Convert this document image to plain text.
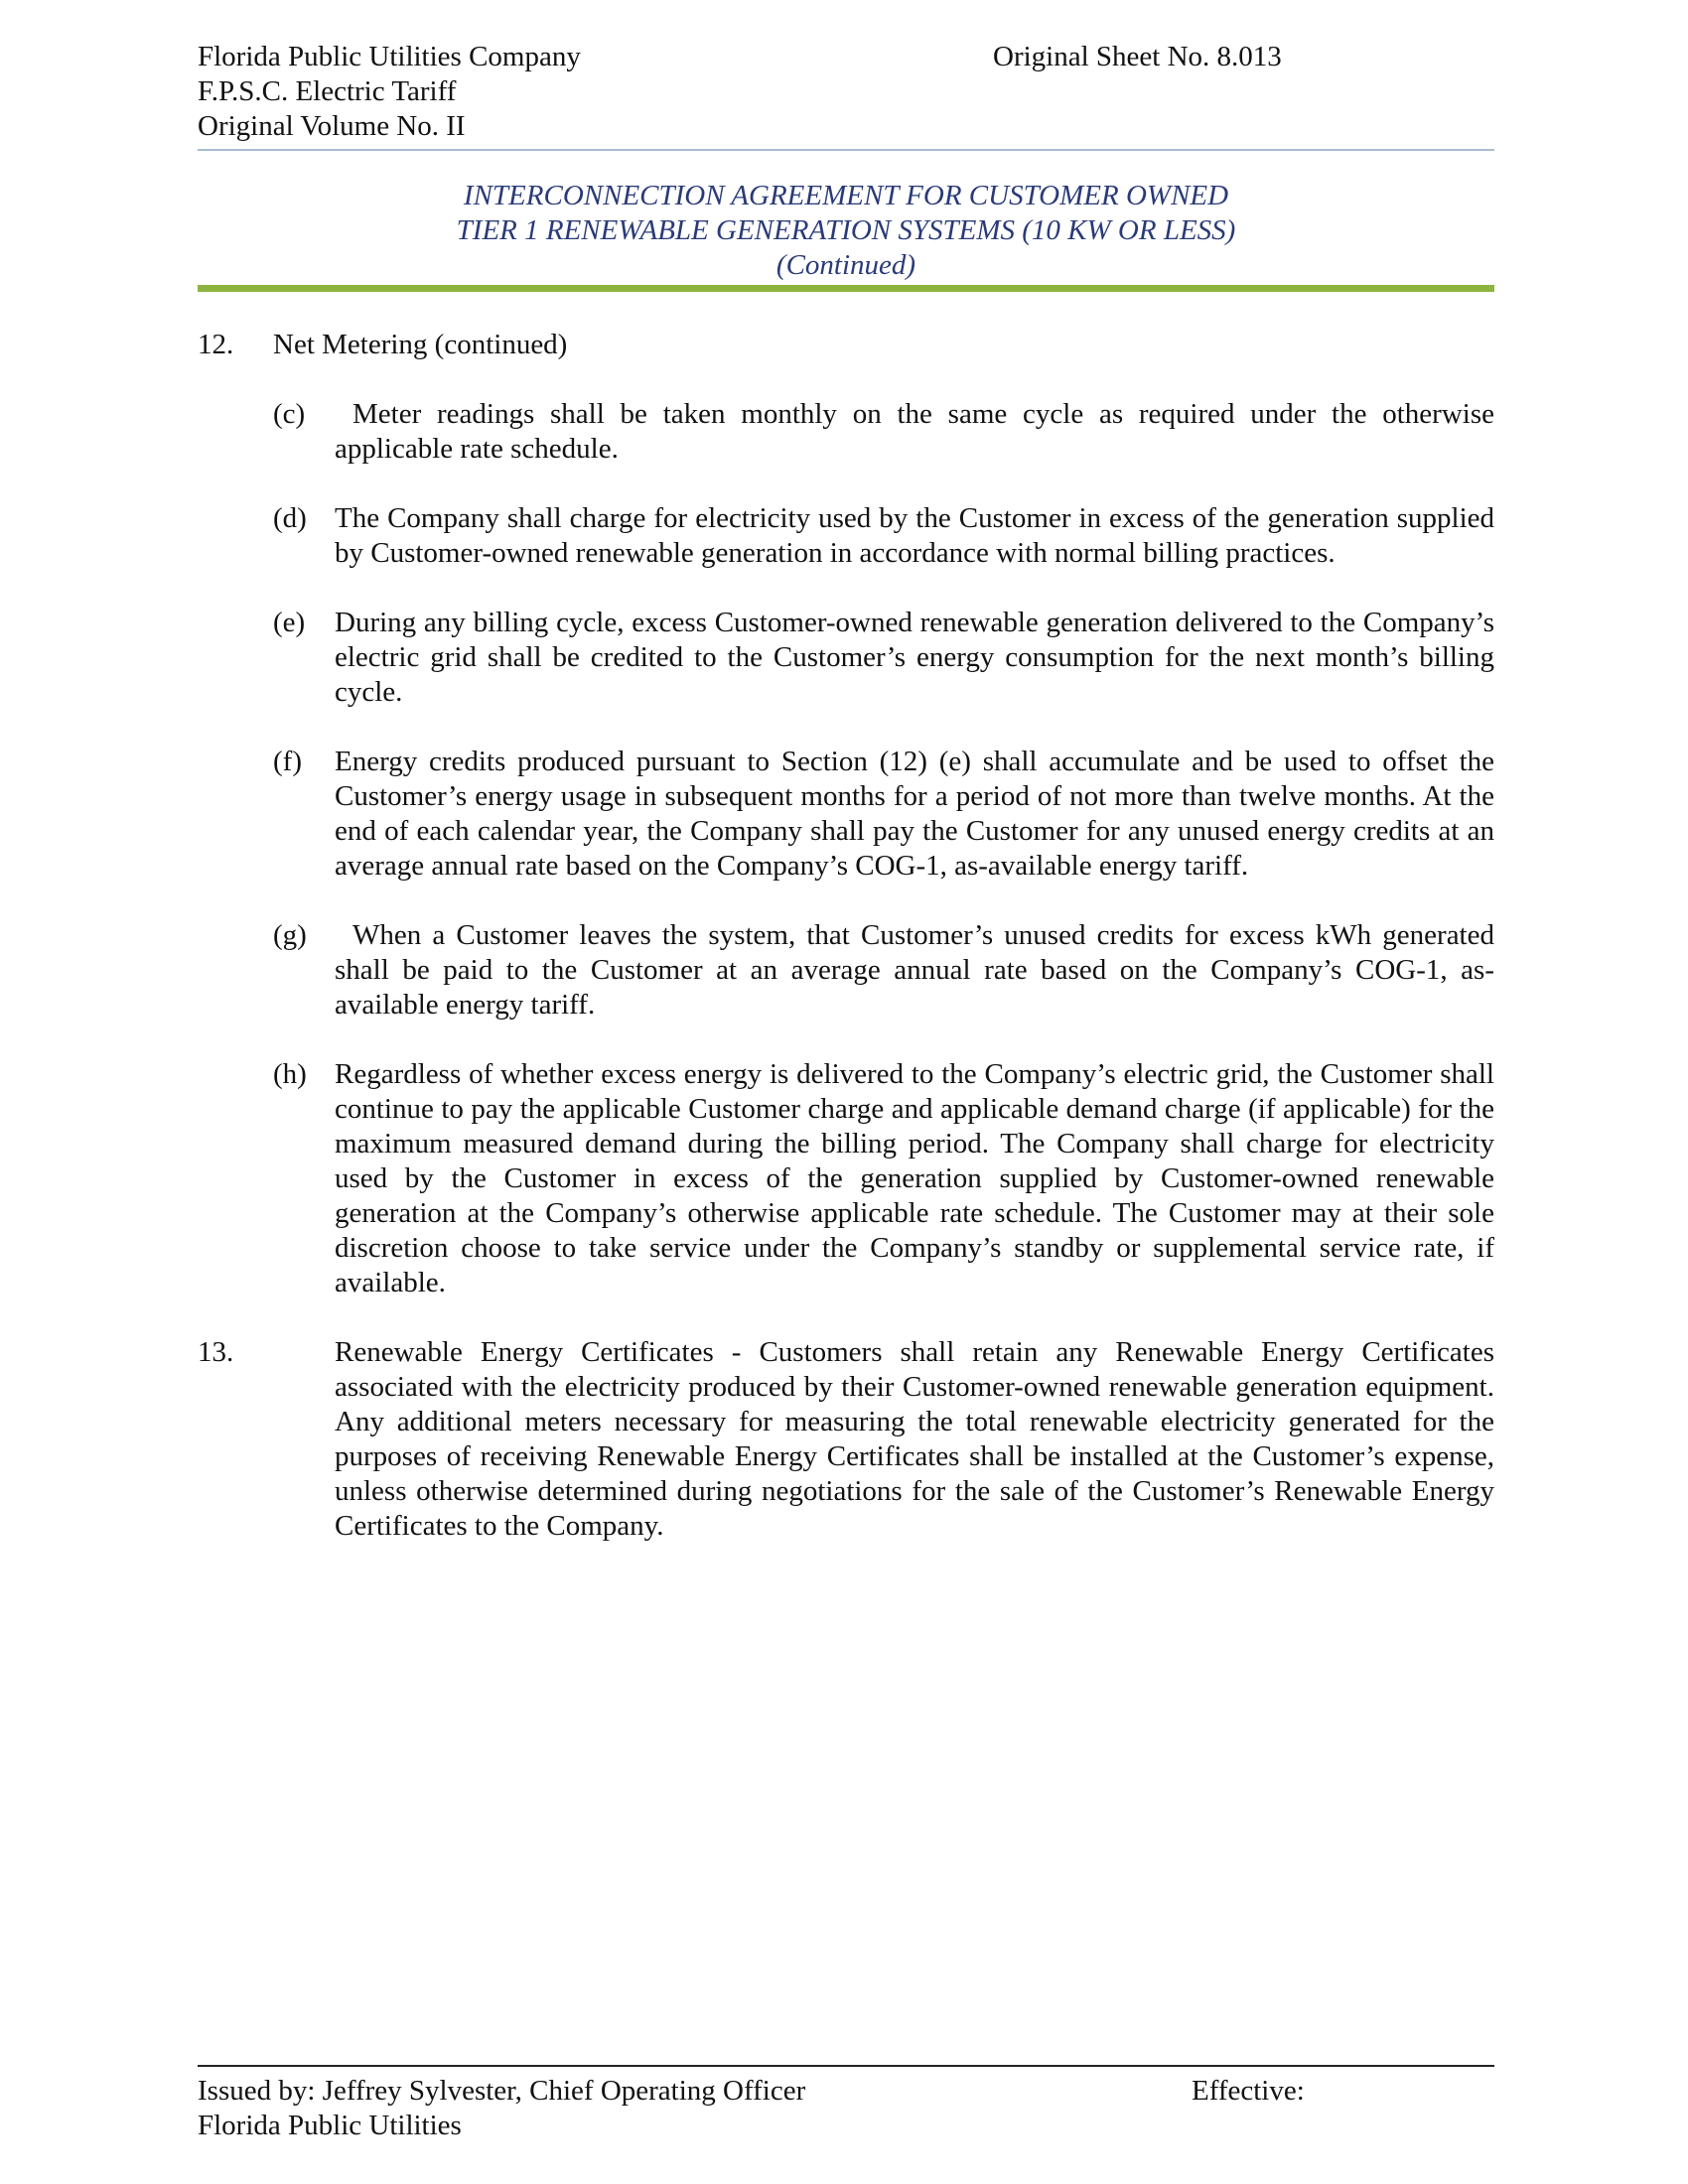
Florida Public Utilities Company
F.P.S.C. Electric Tariff
Original Volume No. II
Original Sheet No. 8.013
INTERCONNECTION AGREEMENT FOR CUSTOMER OWNED
TIER 1 RENEWABLE GENERATION SYSTEMS (10 KW OR LESS)
(Continued)
12.	Net Metering (continued)
(c)	Meter readings shall be taken monthly on the same cycle as required under the otherwise applicable rate schedule.
(d) The Company shall charge for electricity used by the Customer in excess of the generation supplied by Customer-owned renewable generation in accordance with normal billing practices.
(e)	During any billing cycle, excess Customer-owned renewable generation delivered to the Company’s electric grid shall be credited to the Customer’s energy consumption for the next month’s billing cycle.
(f)	Energy credits produced pursuant to Section (12) (e) shall accumulate and be used to offset the Customer’s energy usage in subsequent months for a period of not more than twelve months. At the end of each calendar year, the Company shall pay the Customer for any unused energy credits at an average annual rate based on the Company’s COG-1, as-available energy tariff.
(g)	When a Customer leaves the system, that Customer’s unused credits for excess kWh generated shall be paid to the Customer at an average annual rate based on the Company’s COG-1, as-available energy tariff.
(h) Regardless of whether excess energy is delivered to the Company’s electric grid, the Customer shall continue to pay the applicable Customer charge and applicable demand charge (if applicable) for the maximum measured demand during the billing period. The Company shall charge for electricity used by the Customer in excess of the generation supplied by Customer-owned renewable generation at the Company’s otherwise applicable rate schedule. The Customer may at their sole discretion choose to take service under the Company’s standby or supplemental service rate, if available.
13.	Renewable Energy Certificates - Customers shall retain any Renewable Energy Certificates associated with the electricity produced by their Customer-owned renewable generation equipment. Any additional meters necessary for measuring the total renewable electricity generated for the purposes of receiving Renewable Energy Certificates shall be installed at the Customer’s expense, unless otherwise determined during negotiations for the sale of the Customer’s Renewable Energy Certificates to the Company.
Issued by: Jeffrey Sylvester, Chief Operating Officer
Florida Public Utilities
Effective:
